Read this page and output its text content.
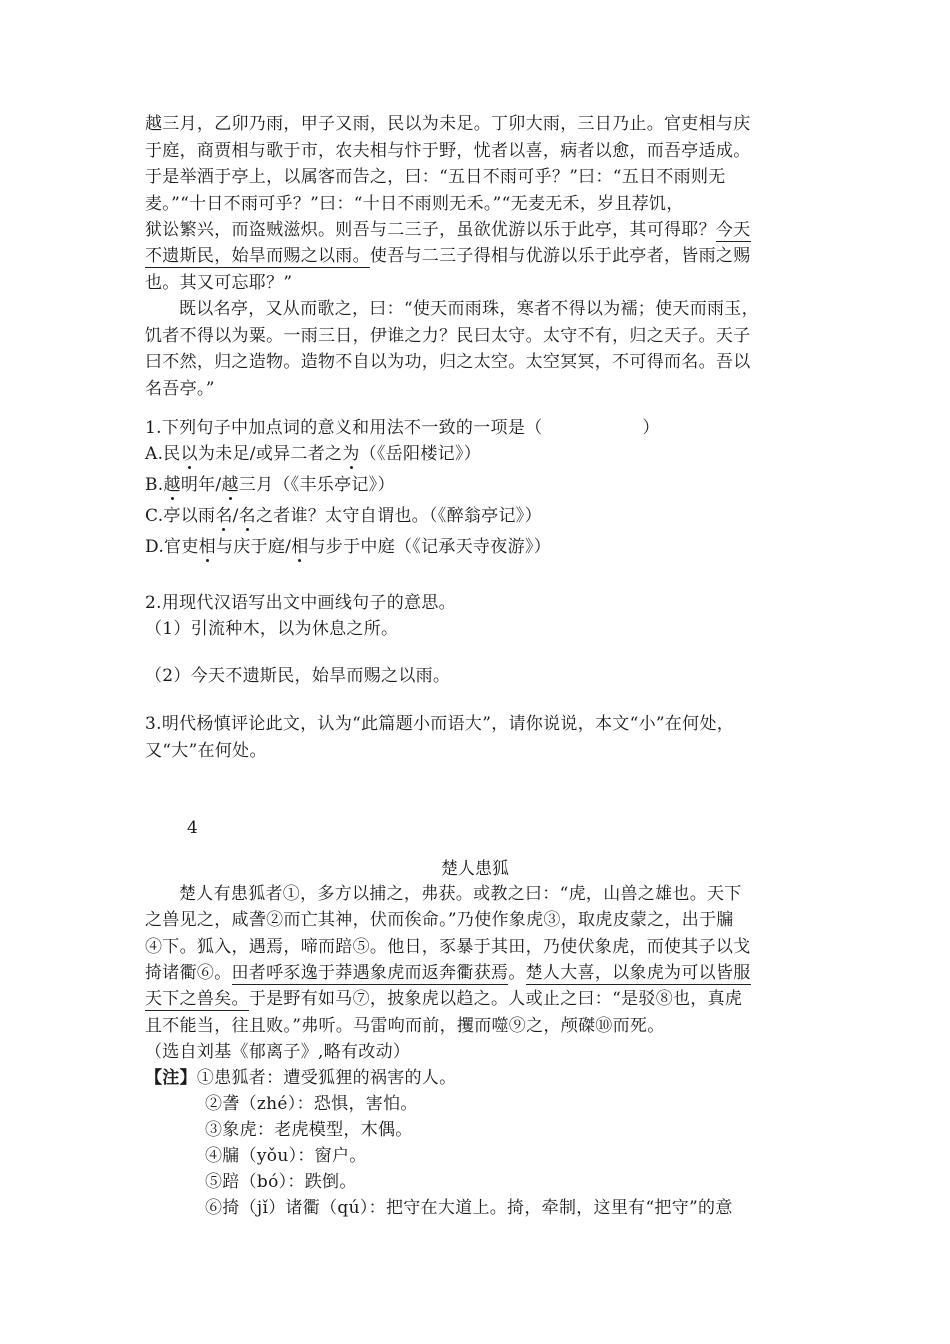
越三月，乙卯乃雨，甲子又雨，民以为未足。丁卯大雨，三日乃止。官吏相与庆
于庭，商贾相与歌于市，农夫相与忭于野，忧者以喜，病者以愈，而吾亭适成。
于是举酒于亭上，以属客而告之，曰：“五日不雨可乎？”曰：“五日不雨则无
麦。”“十日不雨可乎？”曰：“十日不雨则无禾。”“无麦无禾，岁且荐饥，
狱讼繁兴，而盗贼滋炽。则吾与二三子，虽欲优游以乐于此亭，其可得耶？今天
不遗斯民，始旱而赐之以雨。使吾与二三子得相与优游以乐于此亭者，皆雨之赐
也。其又可忘耶？”
既以名亭，又从而歌之，曰：“使天而雨珠，寒者不得以为襦；使天而雨玉，
饥者不得以为粟。一雨三日，伊谁之力？民曰太守。太守不有，归之天子。天子
曰不然，归之造物。造物不自以为功，归之太空。太空冥冥，不可得而名。吾以
名吾亭。”
1.下列句子中加点词的意义和用法不一致的一项是（	）
A.民以为未足/或异二者之为（《岳阳楼记》）
B.越明年/越三月（《丰乐亭记》）
C.亭以雨名/名之者谁？太守自谓也。（《醉翁亭记》）
D.官吏相与庆于庭/相与步于中庭（《记承天寺夜游》）
2.用现代汉语写出文中画线句子的意思。
（1）引流种木，以为休息之所。
（2）今天不遗斯民，始旱而赐之以雨。
3.明代杨慎评论此文，认为“此篇题小而语大”，请你说说，本文“小”在何处，
又“大”在何处。
4
楚人患狐
楚人有患狐者①，多方以捕之，弗获。或教之曰：“虎，山兽之雄也。天下
之兽见之，咸詟②而亡其神，伏而俟命。”乃使作象虎③，取虎皮蒙之，出于牖
④下。狐入，遇焉，啼而踣⑤。他日，豕暴于其田，乃使伏象虎，而使其子以戈
掎诸衢⑥。田者呼豕逸于莽遇象虎而返奔衢获焉。楚人大喜，以象虎为可以皆服
天下之兽矣。于是野有如马⑦，披象虎以趋之。人或止之曰：“是驳⑧也，真虎
且不能当，往且败。”弗听。马雷呴而前，攫而噬⑨之，颅磔⑩而死。
（选自刘基《郁离子》,略有改动）
【注】①患狐者：遭受狐狸的祸害的人。
②詟（zhé）：恐惧，害怕。
③象虎：老虎模型，木偶。
④牖（yǒu）：窗户。
⑤踣（bó）：跌倒。
⑥掎（jǐ）诸衢（qú）：把守在大道上。掎，牵制，这里有“把守”的意
